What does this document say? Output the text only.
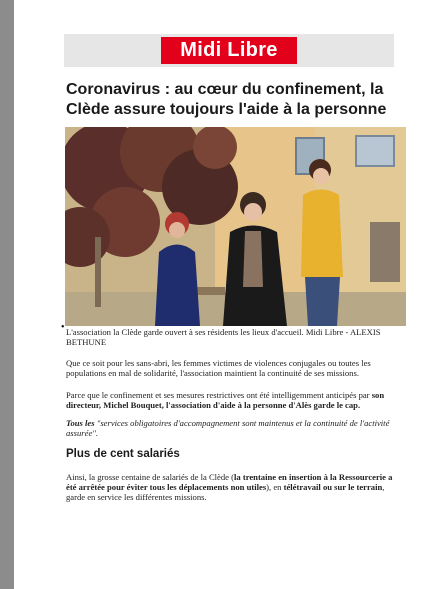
Midi Libre
Coronavirus : au cœur du confinement, la Clède assure toujours l'aide à la personne
• L'association la Clède garde ouvert à ses résidents les lieux d'accueil. Midi Libre - ALEXIS BETHUNE

Que ce soit pour les sans-abri, les femmes victimes de violences conjugales ou toutes les populations en mal de solidarité, l'association maintient la continuité de ses missions.

Parce que le confinement et ses mesures restrictives ont été intelligemment anticipés par son directeur, Michel Bouquet, l'association d'aide à la personne d'Alès garde le cap.

Tous les "services obligatoires d'accompagnement sont maintenus et la continuité de l'activité assurée".

Plus de cent salariés

Ainsi, la grosse centaine de salariés de la Clède (la trentaine en insertion à la Ressourcerie a été arrêtée pour éviter tous les déplacements non utiles), en télétravail ou sur le terrain, garde en service les différentes missions.
